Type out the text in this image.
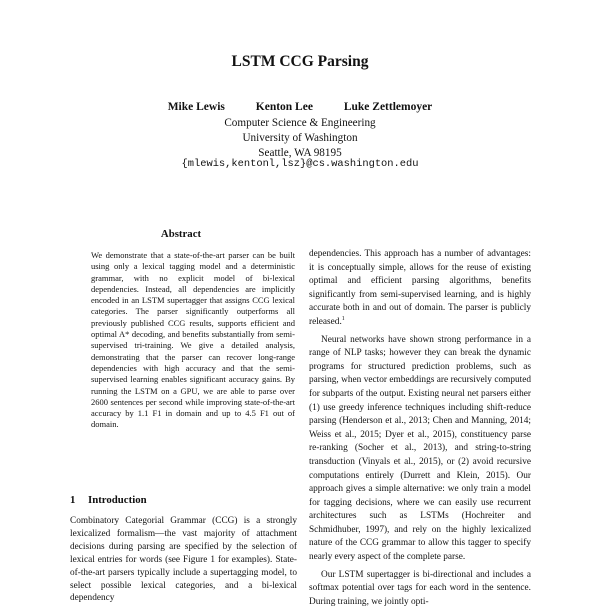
LSTM CCG Parsing
Mike Lewis	Kenton Lee	Luke Zettlemoyer
Computer Science & Engineering
University of Washington
Seattle, WA 98195
{mlewis,kentonl,lsz}@cs.washington.edu
Abstract

We demonstrate that a state-of-the-art parser can be built using only a lexical tagging model and a deterministic grammar, with no explicit model of bi-lexical dependencies. Instead, all dependencies are implicitly encoded in an LSTM supertagger that assigns CCG lexical categories. The parser significantly outperforms all previously published CCG results, supports efficient and optimal A* decoding, and benefits substantially from semi-supervised tri-training. We give a detailed analysis, demonstrating that the parser can recover long-range dependencies with high accuracy and that the semi-supervised learning enables significant accuracy gains. By running the LSTM on a GPU, we are able to parse over 2600 sentences per second while improving state-of-the-art accuracy by 1.1 F1 in domain and up to 4.5 F1 out of domain.

1 Introduction

Combinatory Categorial Grammar (CCG) is a strongly lexicalized formalism—the vast majority of attachment decisions during parsing are specified by the selection of lexical entries for words (see Figure 1 for examples). State-of-the-art parsers typically include a supertagging model, to select possible lexical categories, and a bi-lexical dependency

dependencies. This approach has a number of advantages: it is conceptually simple, allows for the reuse of existing optimal and efficient parsing algorithms, benefits significantly from semi-supervised learning, and is highly accurate both in and out of domain. The parser is publicly released.$^1$

Neural networks have shown strong performance in a range of NLP tasks; however they can break the dynamic programs for structured prediction problems, such as parsing, when vector embeddings are recursively computed for subparts of the output. Existing neural net parsers either (1) use greedy inference techniques including shift-reduce parsing (Henderson et al., 2013; Chen and Manning, 2014; Weiss et al., 2015; Dyer et al., 2015), constituency parse re-ranking (Socher et al., 2013), and string-to-string transduction (Vinyals et al., 2015), or (2) avoid recursive computations entirely (Durrett and Klein, 2015). Our approach gives a simple alternative: we only train a model for tagging decisions, where we can easily use recurrent architectures such as LSTMs (Hochreiter and Schmidhuber, 1997), and rely on the highly lexicalized nature of the CCG grammar to allow this tagger to specify nearly every aspect of the complete parse.

Our LSTM supertagger is bi-directional and includes a softmax potential over tags for each word in the sentence. During training, we jointly opti-
